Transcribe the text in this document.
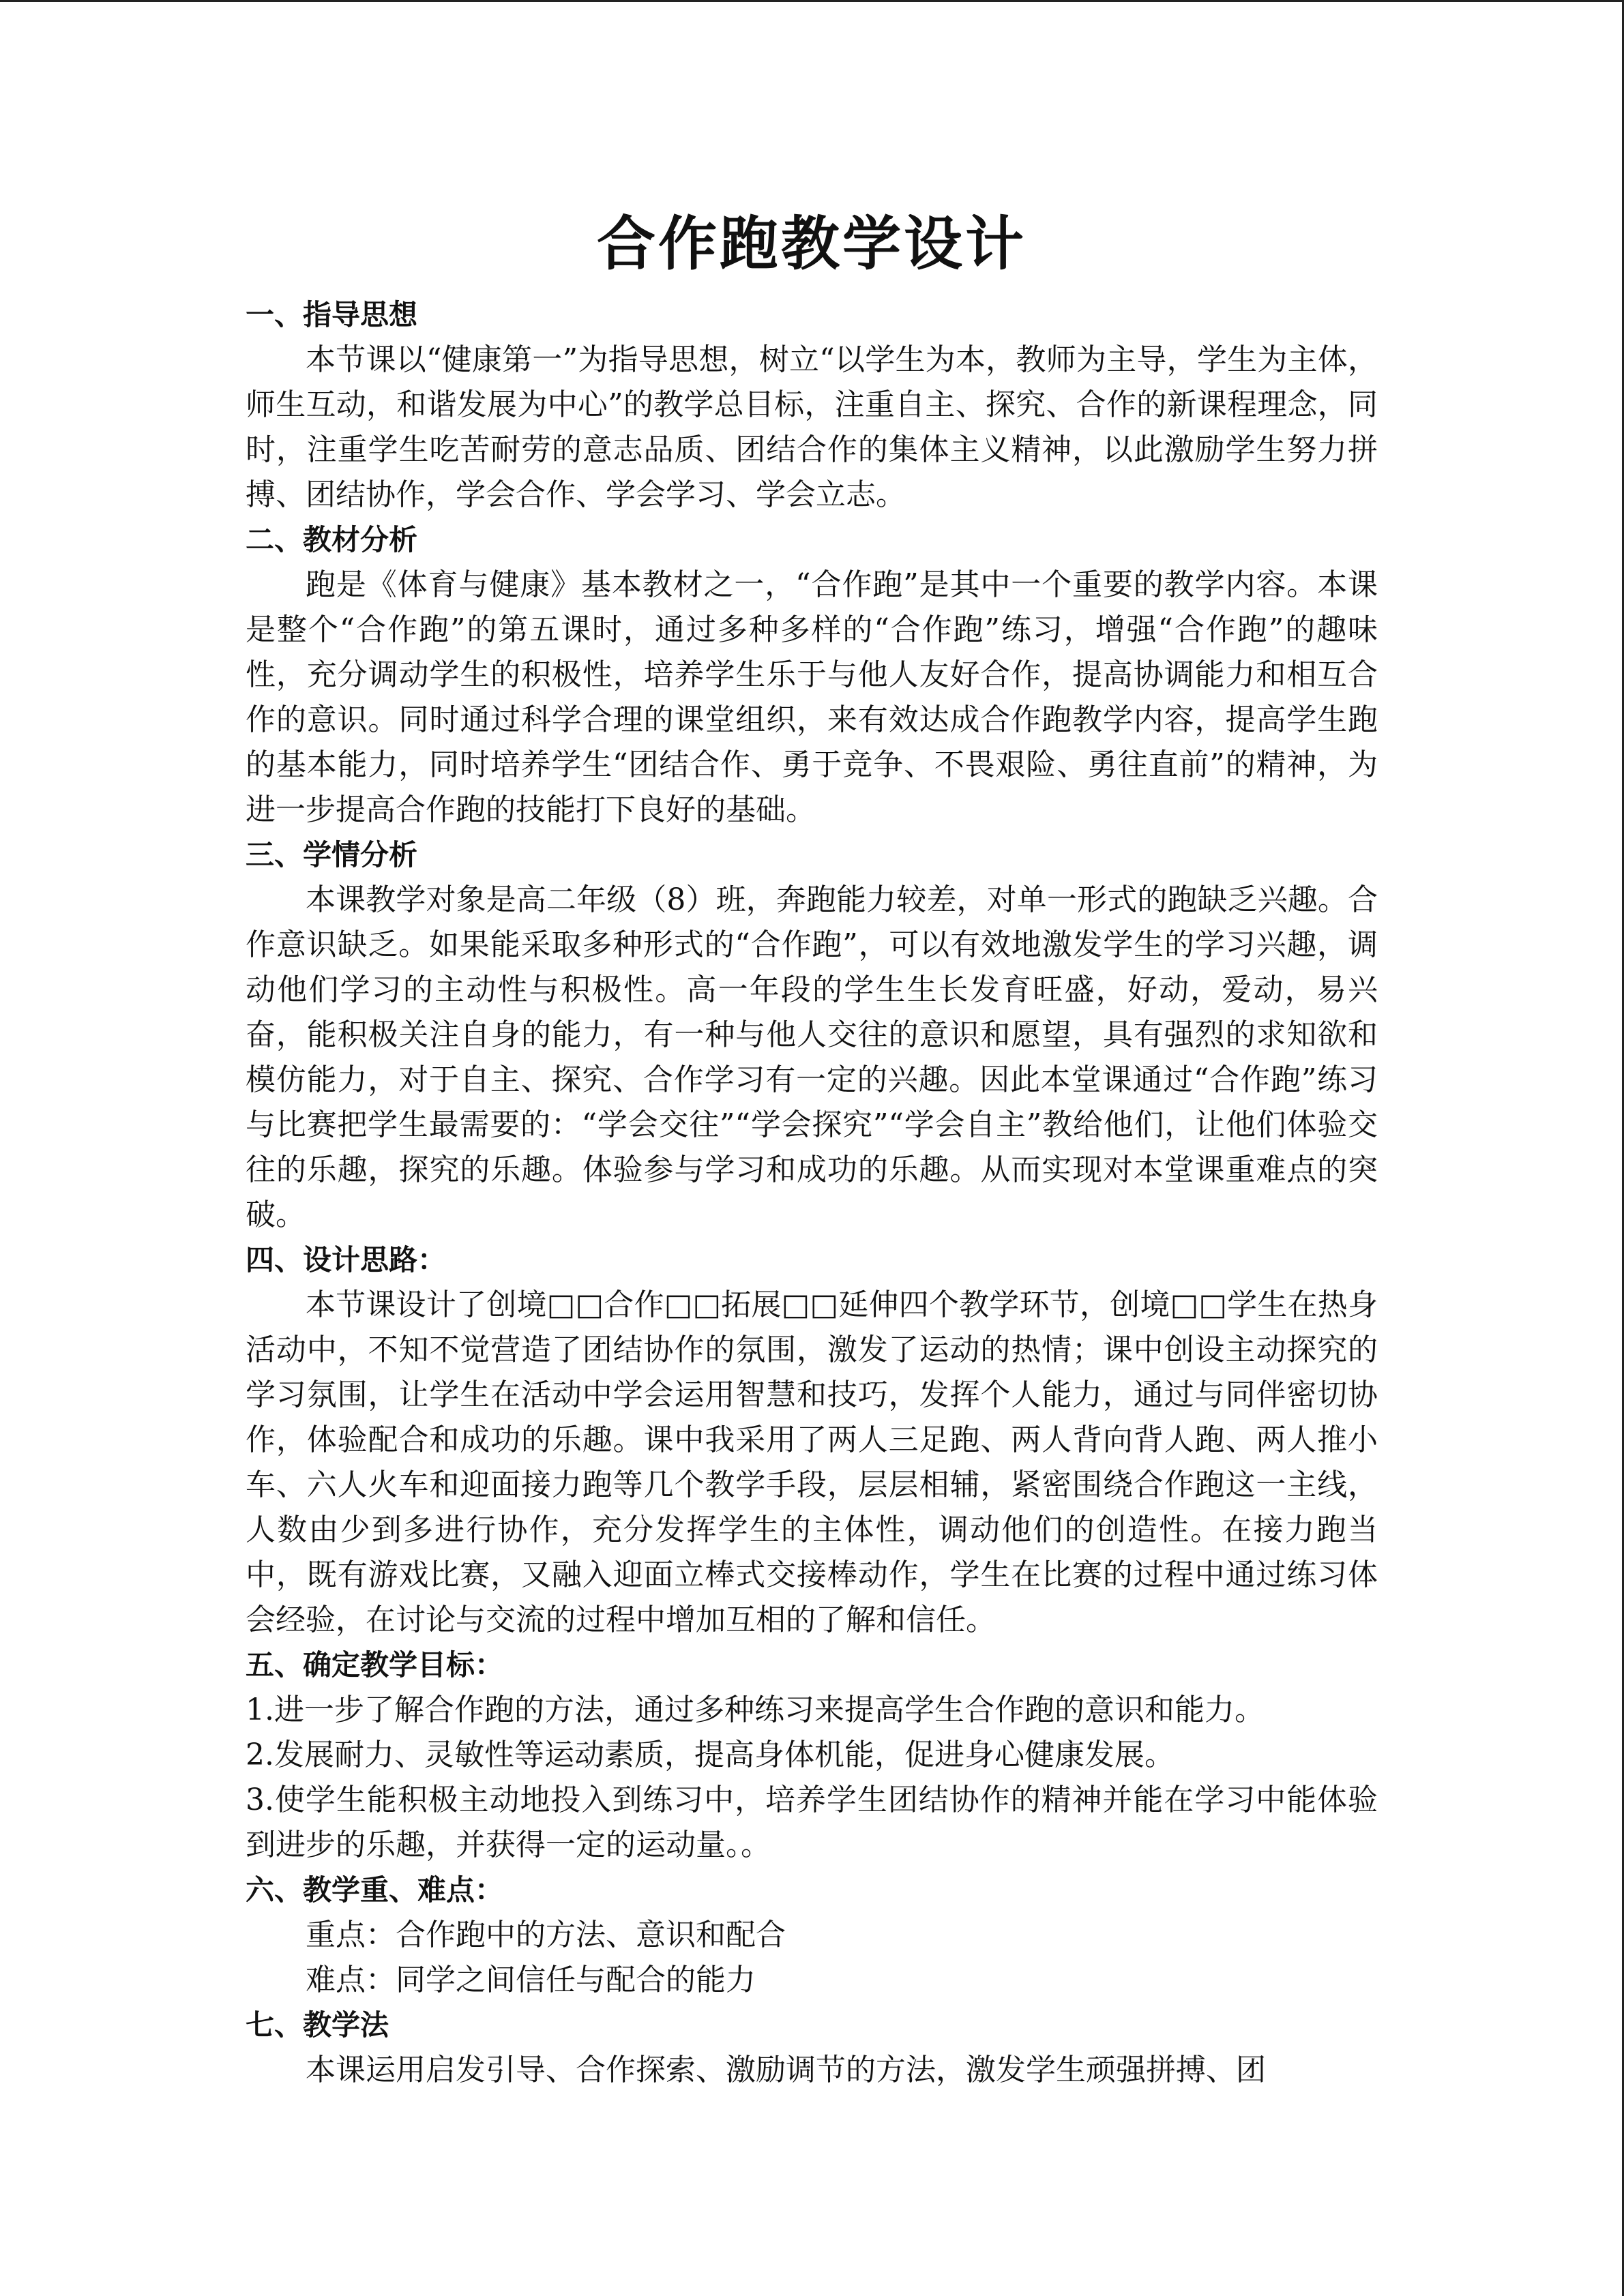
合作跑教学设计

一、指导思想

本节课以“健康第一”为指导思想，树立“以学生为本，教师为主导，学生为主体，师生互动，和谐发展为中心”的教学总目标，注重自主、探究、合作的新课程理念，同时，注重学生吃苦耐劳的意志品质、团结合作的集体主义精神，以此激励学生努力拼搏、团结协作，学会合作、学会学习、学会立志。

二、教材分析

跑是《体育与健康》基本教材之一，“合作跑”是其中一个重要的教学内容。本课是整个“合作跑”的第五课时，通过多种多样的“合作跑”练习，增强“合作跑”的趣味性，充分调动学生的积极性，培养学生乐于与他人友好合作，提高协调能力和相互合作的意识。同时通过科学合理的课堂组织，来有效达成合作跑教学内容，提高学生跑的基本能力，同时培养学生“团结合作、勇于竞争、不畏艰险、勇往直前”的精神，为进一步提高合作跑的技能打下良好的基础。

三、学情分析

本课教学对象是高二年级（8）班，奔跑能力较差，对单一形式的跑缺乏兴趣。合作意识缺乏。如果能采取多种形式的“合作跑”，可以有效地激发学生的学习兴趣，调动他们学习的主动性与积极性。高一年段的学生生长发育旺盛，好动，爱动，易兴奋，能积极关注自身的能力，有一种与他人交往的意识和愿望，具有强烈的求知欲和模仿能力，对于自主、探究、合作学习有一定的兴趣。因此本堂课通过“合作跑”练习与比赛把学生最需要的：“学会交往”“学会探究”“学会自主”教给他们，让他们体验交往的乐趣，探究的乐趣。体验参与学习和成功的乐趣。从而实现对本堂课重难点的突破。

四、设计思路：

本节课设计了创境□□合作□□拓展□□延伸四个教学环节，创境□□学生在热身活动中，不知不觉营造了团结协作的氛围，激发了运动的热情；课中创设主动探究的学习氛围，让学生在活动中学会运用智慧和技巧，发挥个人能力，通过与同伴密切协作，体验配合和成功的乐趣。课中我采用了两人三足跑、两人背向背人跑、两人推小车、六人火车和迎面接力跑等几个教学手段，层层相辅，紧密围绕合作跑这一主线，人数由少到多进行协作，充分发挥学生的主体性，调动他们的创造性。在接力跑当中，既有游戏比赛，又融入迎面立棒式交接棒动作，学生在比赛的过程中通过练习体会经验，在讨论与交流的过程中增加互相的了解和信任。

五、确定教学目标：

1.进一步了解合作跑的方法，通过多种练习来提高学生合作跑的意识和能力。

2.发展耐力、灵敏性等运动素质，提高身体机能，促进身心健康发展。

3.使学生能积极主动地投入到练习中，培养学生团结协作的精神并能在学习中能体验到进步的乐趣，并获得一定的运动量。。

六、教学重、难点：

重点：合作跑中的方法、意识和配合

难点：同学之间信任与配合的能力

七、教学法

本课运用启发引导、合作探索、激励调节的方法，激发学生顽强拼搏、团
